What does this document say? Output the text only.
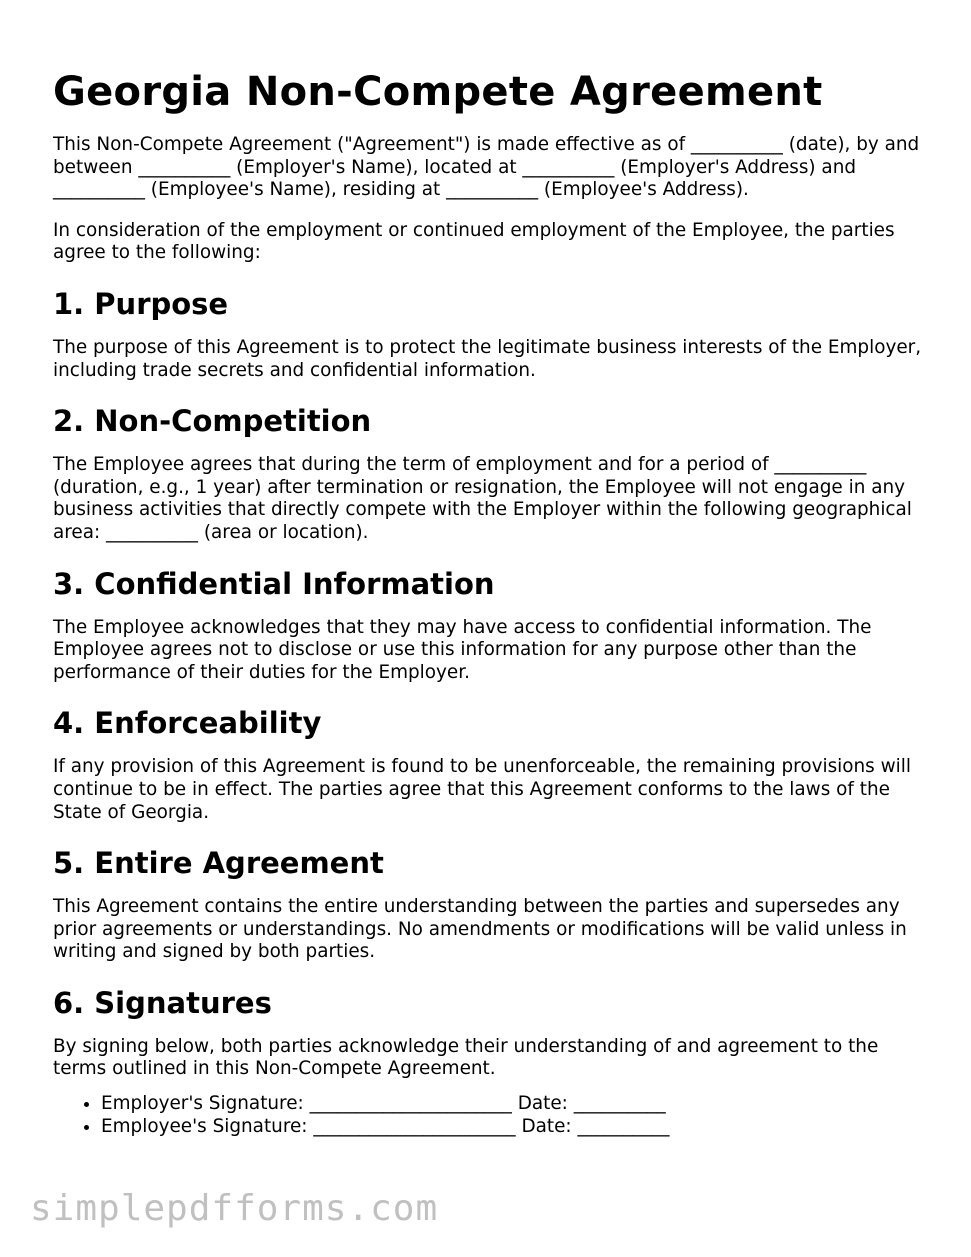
Georgia Non-Compete Agreement

This Non-Compete Agreement ("Agreement") is made effective as of __________ (date), by and between __________ (Employer's Name), located at __________ (Employer's Address) and __________ (Employee's Name), residing at __________ (Employee's Address).

In consideration of the employment or continued employment of the Employee, the parties agree to the following:

1. Purpose

The purpose of this Agreement is to protect the legitimate business interests of the Employer, including trade secrets and confidential information.

2. Non-Competition

The Employee agrees that during the term of employment and for a period of __________ (duration, e.g., 1 year) after termination or resignation, the Employee will not engage in any business activities that directly compete with the Employer within the following geographical area: __________ (area or location).

3. Confidential Information

The Employee acknowledges that they may have access to confidential information. The Employee agrees not to disclose or use this information for any purpose other than the performance of their duties for the Employer.

4. Enforceability

If any provision of this Agreement is found to be unenforceable, the remaining provisions will continue to be in effect. The parties agree that this Agreement conforms to the laws of the State of Georgia.

5. Entire Agreement

This Agreement contains the entire understanding between the parties and supersedes any prior agreements or understandings. No amendments or modifications will be valid unless in writing and signed by both parties.

6. Signatures

By signing below, both parties acknowledge their understanding of and agreement to the terms outlined in this Non-Compete Agreement.

• Employer's Signature: ______________________ Date: __________
• Employee's Signature: ______________________ Date: __________
simplepdfforms.com
